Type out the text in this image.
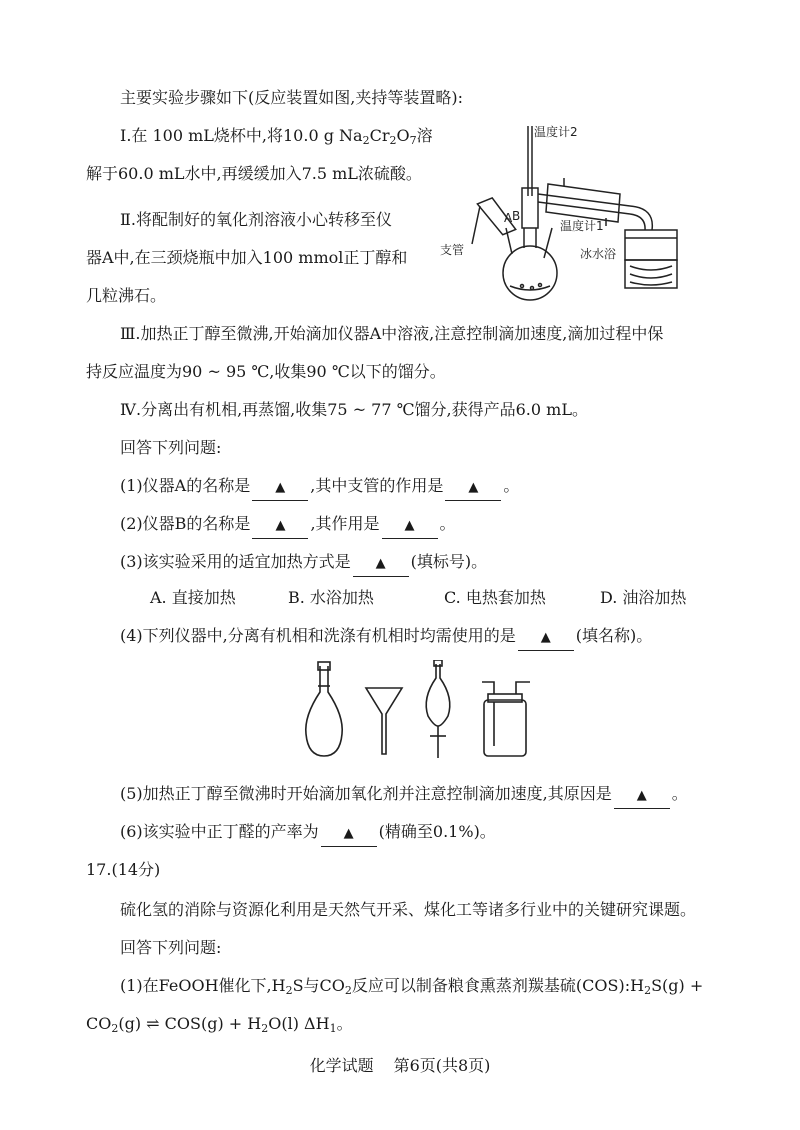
主要实验步骤如下(反应装置如图,夹持等装置略):
Ⅰ.在 100 mL烧杯中,将10.0 g $Na_2Cr_2O_7$溶
解于60.0 mL水中,再缓缓加入7.5 mL浓硫酸。
Ⅱ.将配制好的氧化剂溶液小心转移至仪
器A中,在三颈烧瓶中加入100 mmol正丁醇和
几粒沸石。
温度计2
温度计1
A B
支管	冰水浴
Ⅲ.加热正丁醇至微沸,开始滴加仪器A中溶液,注意控制滴加速度,滴加过程中保
持反应温度为90 ~ 95 ℃,收集90 ℃以下的馏分。
Ⅳ.分离出有机相,再蒸馏,收集75 ~ 77 ℃馏分,获得产品6.0 mL。
回答下列问题:
(1)仪器A的名称是 ▲ ,其中支管的作用是 ▲ 。
(2)仪器B的名称是 ▲ ,其作用是 ▲ 。
(3)该实验采用的适宜加热方式是 ▲ (填标号)。
A. 直接加热	B. 水浴加热	C. 电热套加热	D. 油浴加热
(4)下列仪器中,分离有机相和洗涤有机相时均需使用的是 ▲ (填名称)。
(5)加热正丁醇至微沸时开始滴加氧化剂并注意控制滴加速度,其原因是 ▲ 。
(6)该实验中正丁醛的产率为 ▲ (精确至0.1%)。
17.(14分)
硫化氢的消除与资源化利用是天然气开采、煤化工等诸多行业中的关键研究课题。
回答下列问题:
(1)在FeOOH催化下$,H_2S$与$CO_2$反应可以制备粮食熏蒸剂羰基硫$(COS):H_2S(g)$ +
$CO_2(g)$ ⇌ $COS(g) + H_2O(l)$ $\Delta H_1$。
化学试题 第6页(共8页)
